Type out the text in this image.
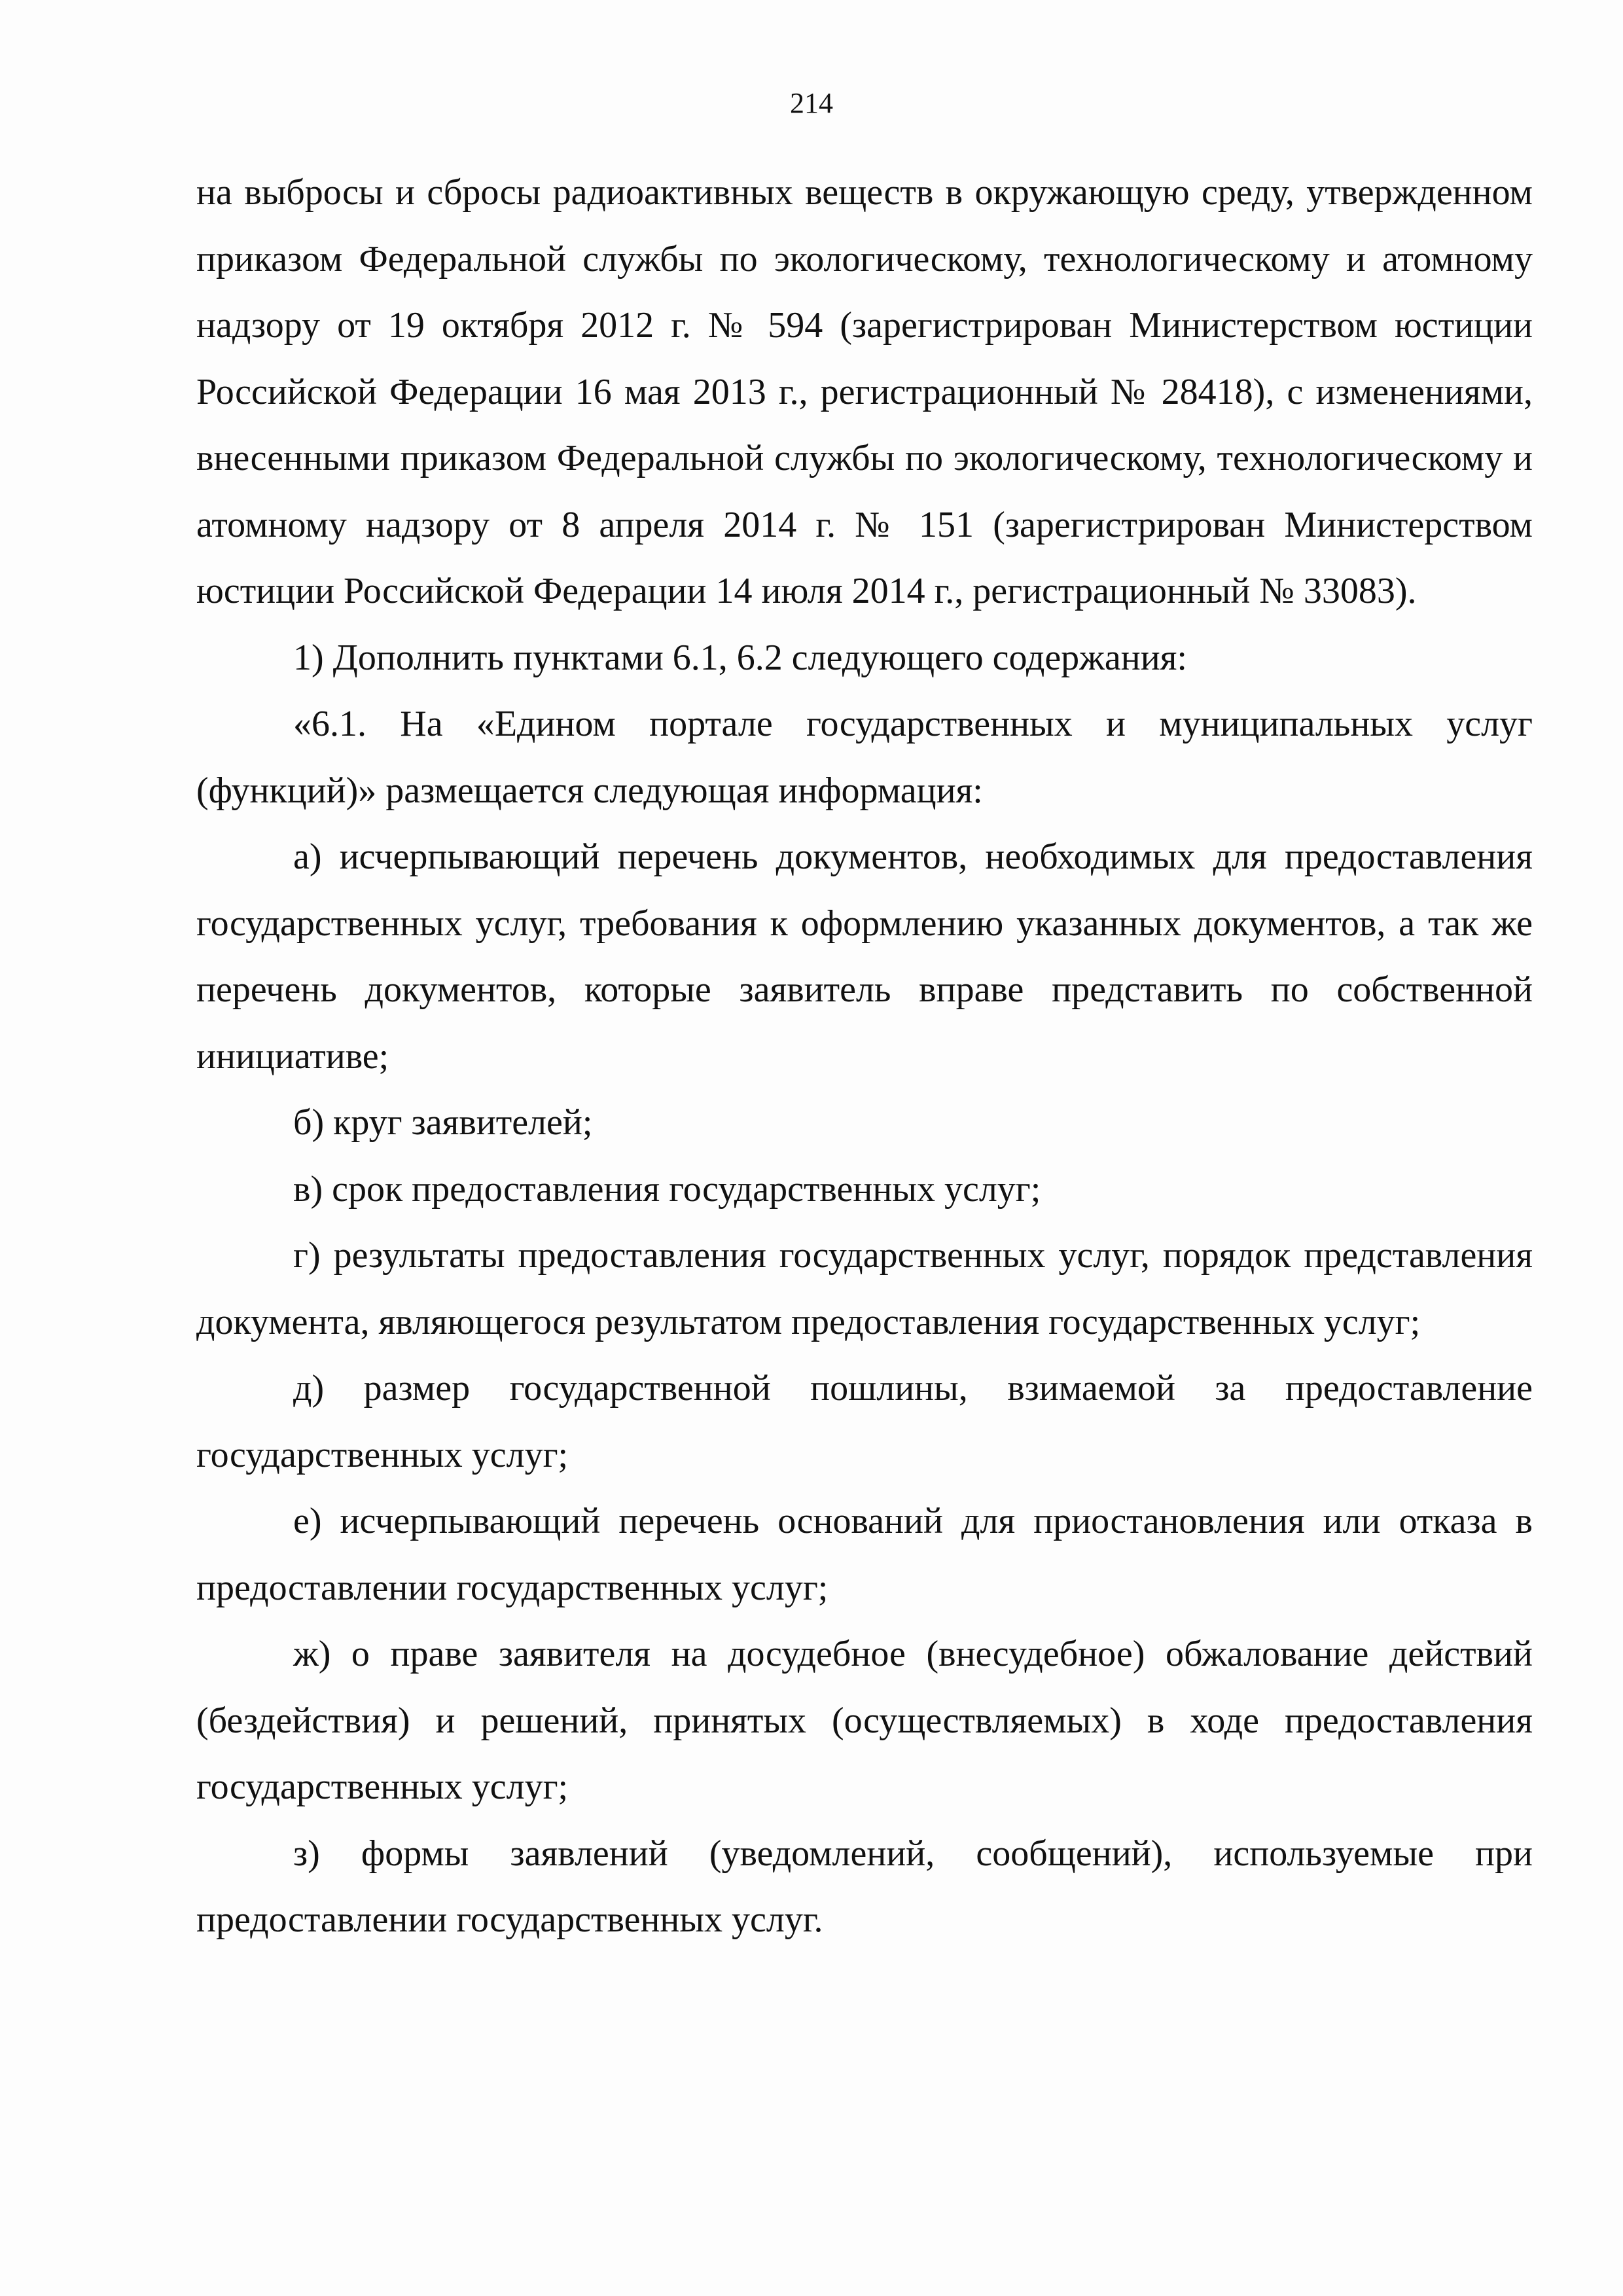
214

на выбросы и сбросы радиоактивных веществ в окружающую среду, утвержденном приказом Федеральной службы по экологическому, технологическому и атомному надзору от 19 октября 2012 г. № 594 (зарегистрирован Министерством юстиции Российской Федерации 16 мая 2013 г., регистрационный № 28418), с изменениями, внесенными приказом Федеральной службы по экологическому, технологическому и атомному надзору от 8 апреля 2014 г. № 151 (зарегистрирован Министерством юстиции Российской Федерации 14 июля 2014 г., регистрационный № 33083).

1) Дополнить пунктами 6.1, 6.2 следующего содержания:

«6.1. На «Едином портале государственных и муниципальных услуг (функций)» размещается следующая информация:

а) исчерпывающий перечень документов, необходимых для предоставления государственных услуг, требования к оформлению указанных документов, а так же перечень документов, которые заявитель вправе представить по собственной инициативе;

б) круг заявителей;

в) срок предоставления государственных услуг;

г) результаты предоставления государственных услуг, порядок представления документа, являющегося результатом предоставления государственных услуг;

д) размер государственной пошлины, взимаемой за предоставление государственных услуг;

е) исчерпывающий перечень оснований для приостановления или отказа в предоставлении государственных услуг;

ж) о праве заявителя на досудебное (внесудебное) обжалование действий (бездействия) и решений, принятых (осуществляемых) в ходе предоставления государственных услуг;

з) формы заявлений (уведомлений, сообщений), используемые при предоставлении государственных услуг.
